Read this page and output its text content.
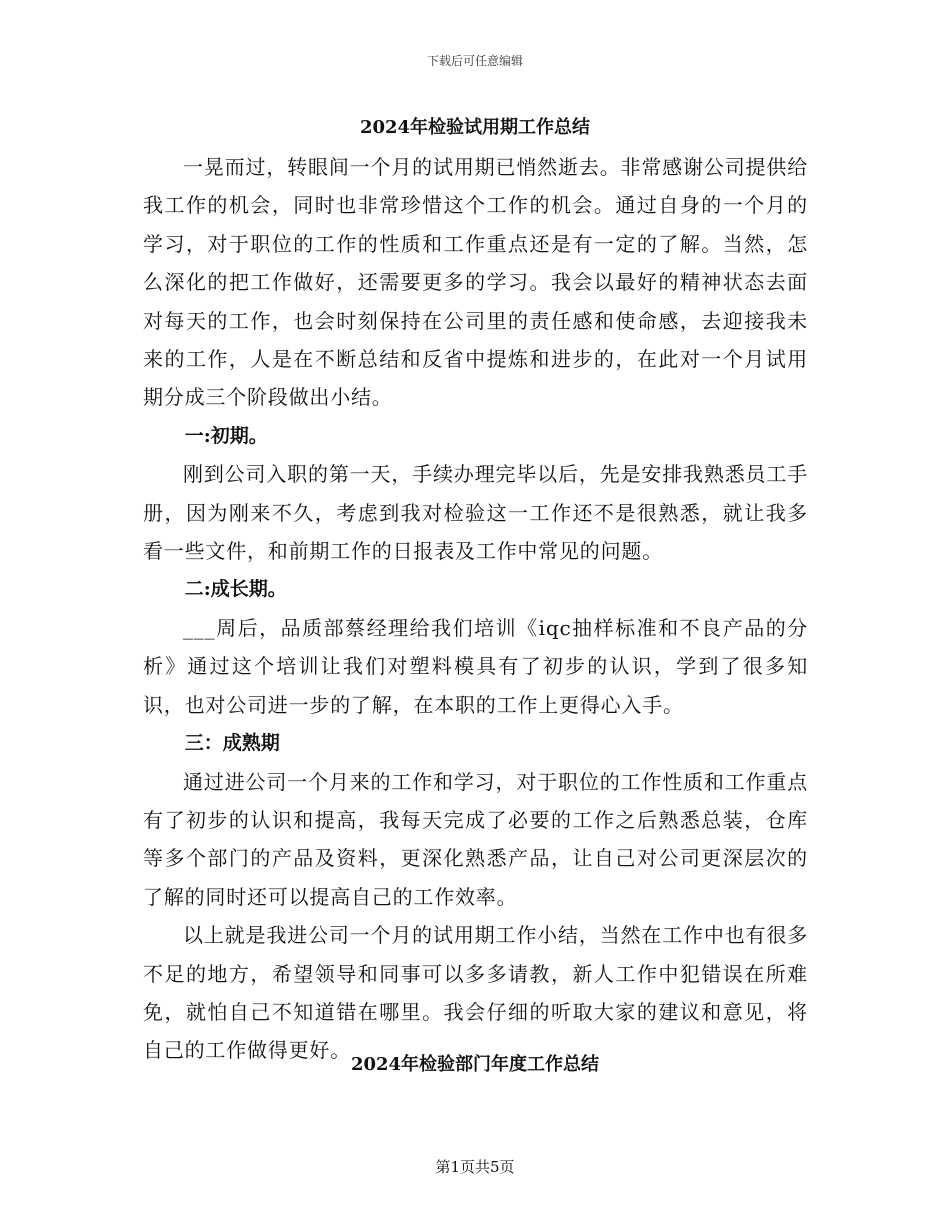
下载后可任意编辑
2024年检验试用期工作总结

一晃而过，转眼间一个月的试用期已悄然逝去。非常感谢公司提供给我工作的机会，同时也非常珍惜这个工作的机会。通过自身的一个月的学习，对于职位的工作的性质和工作重点还是有一定的了解。当然，怎么深化的把工作做好，还需要更多的学习。我会以最好的精神状态去面对每天的工作，也会时刻保持在公司里的责任感和使命感，去迎接我未来的工作，人是在不断总结和反省中提炼和进步的，在此对一个月试用期分成三个阶段做出小结。

一:初期。

刚到公司入职的第一天，手续办理完毕以后，先是安排我熟悉员工手册，因为刚来不久，考虑到我对检验这一工作还不是很熟悉，就让我多看一些文件，和前期工作的日报表及工作中常见的问题。

二:成长期。

___周后，品质部蔡经理给我们培训《iqc抽样标准和不良产品的分析》通过这个培训让我们对塑料模具有了初步的认识，学到了很多知识，也对公司进一步的了解，在本职的工作上更得心入手。

三：成熟期

通过进公司一个月来的工作和学习，对于职位的工作性质和工作重点有了初步的认识和提高，我每天完成了必要的工作之后熟悉总装，仓库等多个部门的产品及资料，更深化熟悉产品，让自己对公司更深层次的了解的同时还可以提高自己的工作效率。

以上就是我进公司一个月的试用期工作小结，当然在工作中也有很多不足的地方，希望领导和同事可以多多请教，新人工作中犯错误在所难免，就怕自己不知道错在哪里。我会仔细的听取大家的建议和意见，将自己的工作做得更好。

2024年检验部门年度工作总结
第1页共5页
